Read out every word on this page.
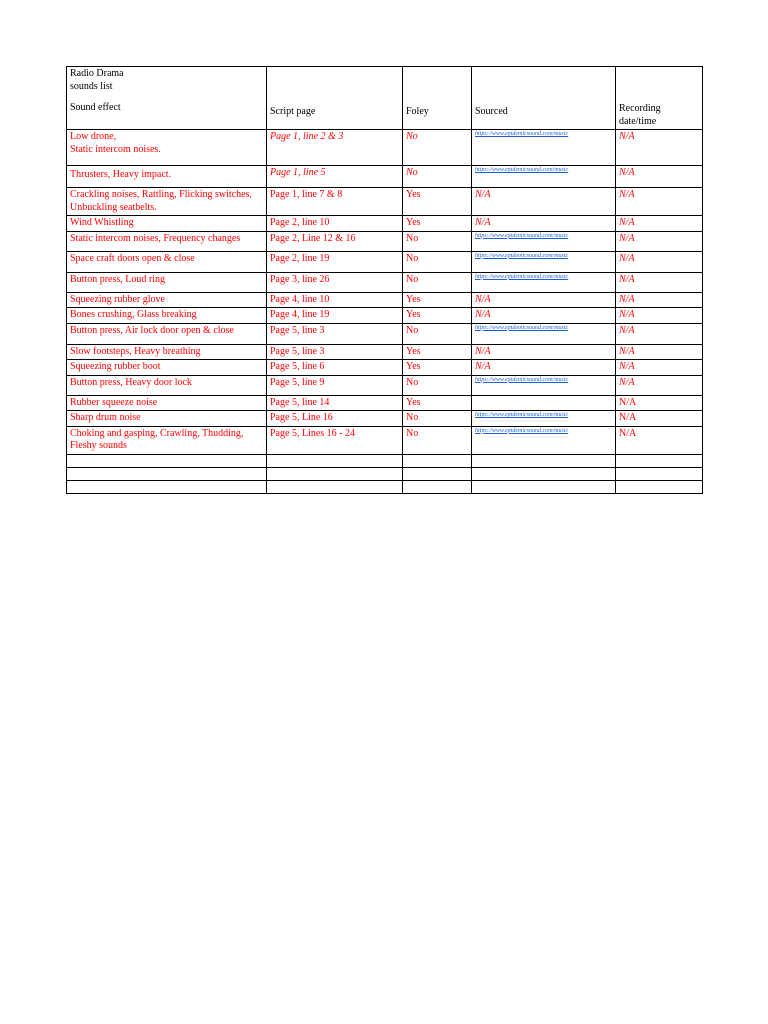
Radio Drama
sounds list
Sound effect	Script page	Foley	Sourced	Recording date/time

Low drone,
Static intercom noises.	Page 1, line 2 & 3	No	https://www.epidemicsound.com/music	N/A

Thrusters, Heavy impact.	Page 1, line 5	No	https://www.epidemicsound.com/music	N/A
Crackling noises, Rattling, Flicking switches, Unbuckling seatbelts.	Page 1, line 7 & 8	Yes	N/A	N/A
Wind Whistling	Page 2, line 10	Yes	N/A	N/A
Static intercom noises, Frequency changes	Page 2, Line 12 & 16	No	https://www.epidemicsound.com/music	N/A
Space craft doors open & close	Page 2, line 19	No	https://www.epidemicsound.com/music	N/A
Button press, Loud ring	Page 3, line 26	No	https://www.epidemicsound.com/music	N/A
Squeezing rubber glove	Page 4, line 10	Yes	N/A	N/A
Bones crushing, Glass breaking	Page 4, line 19	Yes	N/A	N/A
Button press, Air lock door open & close	Page 5, line 3	No	https://www.epidemicsound.com/music	N/A
Slow footsteps, Heavy breathing	Page 5, line 3	Yes	N/A	N/A
Squeezing rubber boot	Page 5, line 6	Yes	N/A	N/A
Button press, Heavy door lock	Page 5, line 9	No	https://www.epidemicsound.com/music	N/A
Rubber squeeze noise	Page 5, line 14	Yes		N/A
Sharp drum noise	Page 5, Line 16	No	https://www.epidemicsound.com/music	N/A
Choking and gasping, Crawling, Thudding, Fleshy sounds	Page 5, Lines 16 - 24	No	https://www.epidemicsound.com/music	N/A
